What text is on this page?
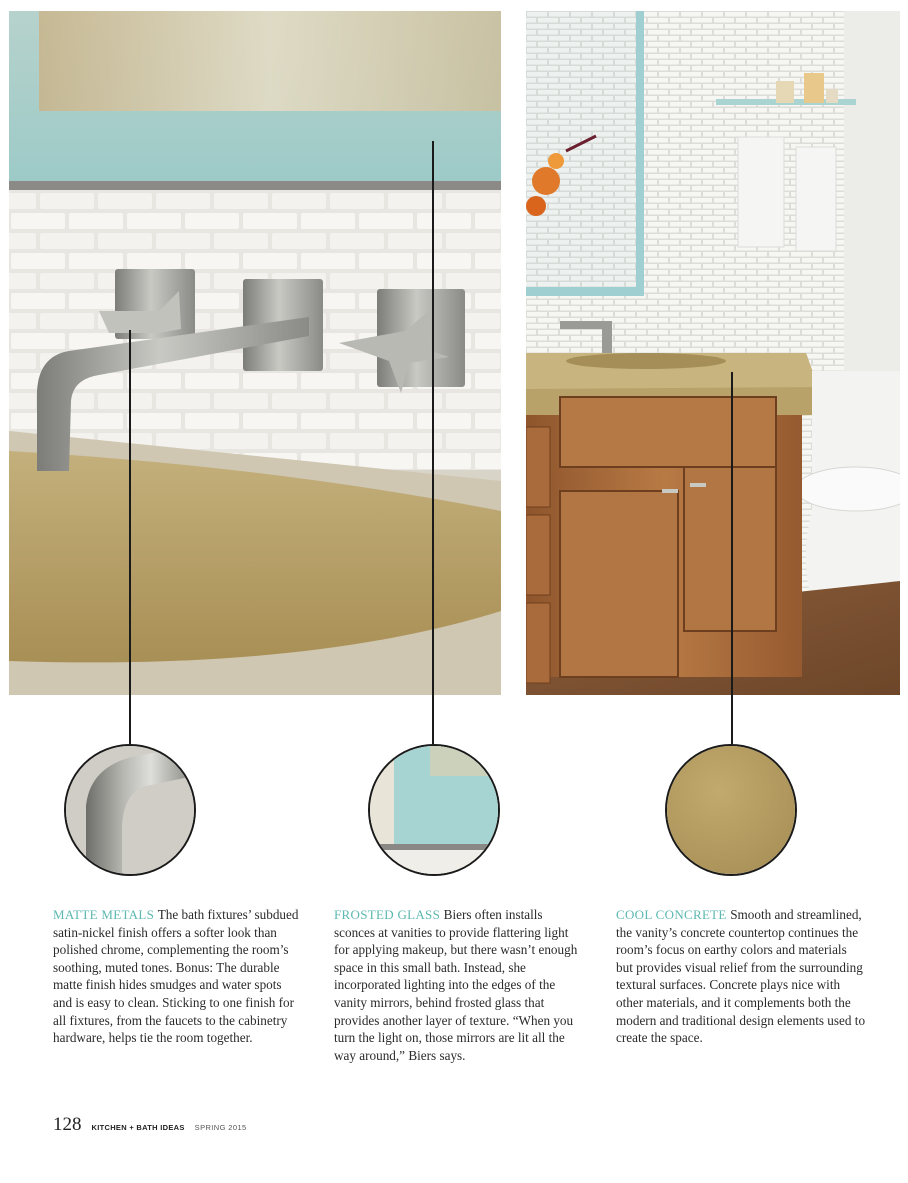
MATTE METALS The bath fixtures’ subdued satin-nickel finish offers a softer look than polished chrome, complementing the room’s soothing, muted tones. Bonus: The durable matte finish hides smudges and water spots and is easy to clean. Sticking to one finish for all fixtures, from the faucets to the cabinetry hardware, helps tie the room together.
FROSTED GLASS Biers often installs sconces at vanities to provide flattering light for applying makeup, but there wasn’t enough space in this small bath. Instead, she incorporated lighting into the edges of the vanity mirrors, behind frosted glass that provides another layer of texture. “When you turn the light on, those mirrors are lit all the way around,” Biers says.
COOL CONCRETE Smooth and streamlined, the vanity’s concrete countertop continues the room’s focus on earthy colors and materials but provides visual relief from the surrounding textural surfaces. Concrete plays nice with other materials, and it complements both the modern and traditional design elements used to create the space.
128 KITCHEN + BATH IDEAS SPRING 2015
